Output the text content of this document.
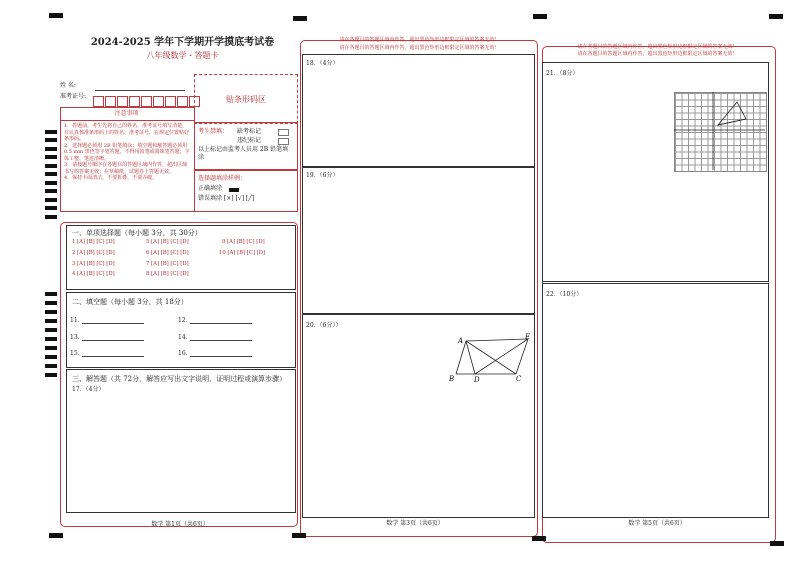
2024-2025 学年下学期开学摸底考试卷
八年级数学・答题卡
姓 名:
准考证号:	贴条形码区
注意事项
1．答题前，考生先将自己的姓名，准考证号填写清楚，并认真核准条形码上的姓名、准考证号，在规定位置贴好条形码。
2．选择题必须用 2B 铅笔填涂；填空题和解答题必须用 0.5 mm 黑色签字笔答题，不得用铅笔或圆珠笔答题；字体工整、笔迹清晰。
3．请按题号顺序在各题目的答题区域内作答，超出区域书写的答案无效；在草稿纸、试题卷上答题无效。
4．保持卡面清洁，不要折叠、不要弄破。
考生禁填： 缺考标记
违纪标记
以上标记由监考人员用 2B 铅笔填涂
选择题填涂样例：
正确填涂
错误填涂 [×] [√] [╱]
一、单项选择题（每小题 3分，共 30分）
1 [A] [B] [C] [D]
2 [A] [B] [C] [D]
3 [A] [B] [C] [D]
4 [A] [B] [C] [D]
5 [A] [B] [C] [D]
6 [A] [B] [C] [D]
7 [A] [B] [C] [D]
8 [A] [B] [C] [D]
9 [A] [B] [C] [D]
10 [A] [B] [C] [D]
二、填空题（每小题 3分，共 18分）
11．	12．
13．	14．
15．	16．
三、解答题（共 72分，解答应写出文字说明、证明过程或演算步骤）
17．（4分）
数学 第1页（共6页）
请在各题目的答题区域内作答，超出黑色矩形边框限定区域的答案无效！
请在各题目的答题区域内作答，超出黑色矩形边框限定区域的答案无效！
18．（4分）
19．（6分）
20．（6分））
A	E
B	D	C
数学 第3页（共6页）
请在各题目的答题区域内作答，超出黑色矩形边框限定区域的答案无效！
请在各题目的答题区域内作答，超出黑色矩形边框限定区域的答案无效！
21．（8分）
22．（10分）
数学 第5页（共6页）
